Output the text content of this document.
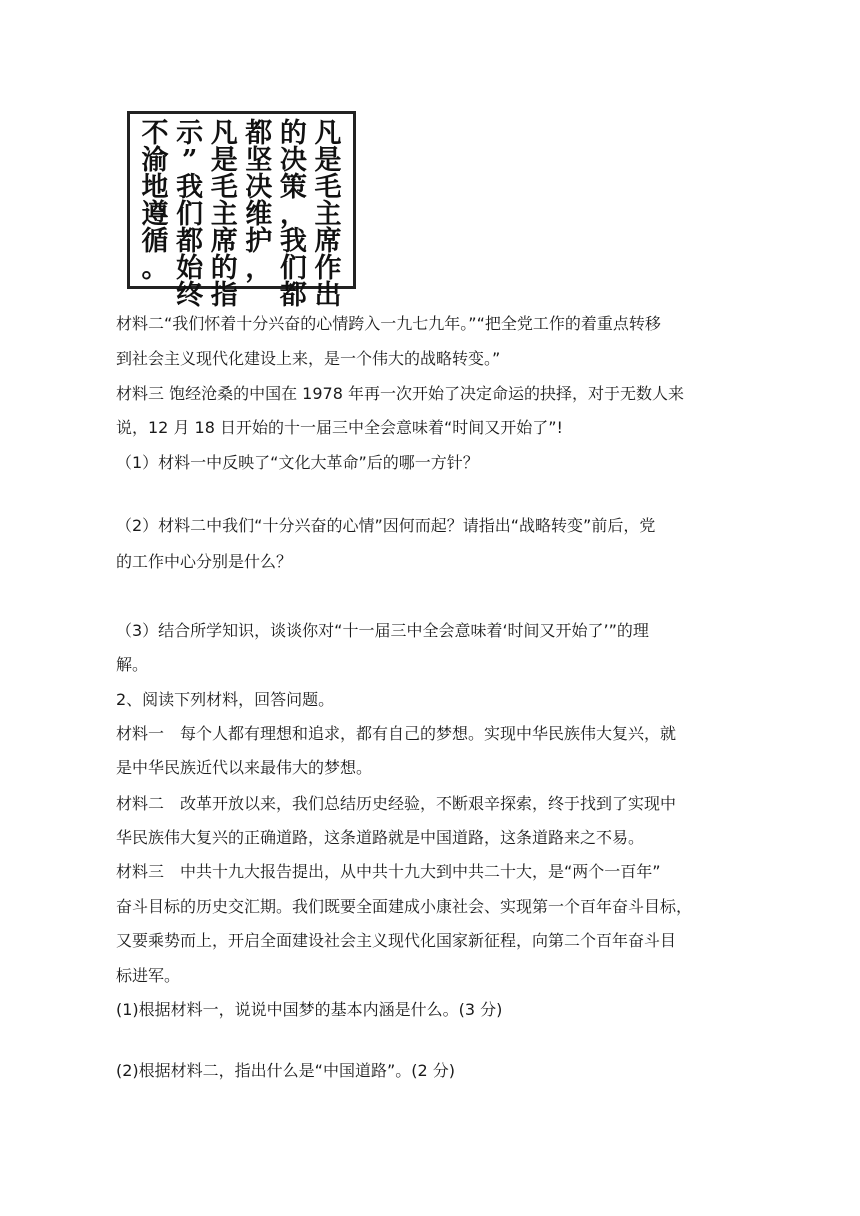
凡
是
毛
主
席
作
出
的
决
策
，
我
们
都
都
坚
决
维
护
，
凡
是
毛
主
席
的
指
示
”
我
们
都
始
终
不
渝
地
遵
循
。
材料二“我们怀着十分兴奋的心情跨入一九七九年。”“把全党工作的着重点转移
到社会主义现代化建设上来，是一个伟大的战略转变。”
材料三 饱经沧桑的中国在 1978 年再一次开始了决定命运的抉择，对于无数人来
说，12 月 18 日开始的十一届三中全会意味着“时间又开始了”!
（1）材料一中反映了“文化大革命”后的哪一方针？
（2）材料二中我们“十分兴奋的心情”因何而起？请指出“战略转变”前后，党
的工作中心分别是什么？
（3）结合所学知识，谈谈你对“十一届三中全会意味着‘时间又开始了’”的理
解。
2、阅读下列材料，回答问题。
材料一　每个人都有理想和追求，都有自己的梦想。实现中华民族伟大复兴，就
是中华民族近代以来最伟大的梦想。
材料二　改革开放以来，我们总结历史经验，不断艰辛探索，终于找到了实现中
华民族伟大复兴的正确道路，这条道路就是中国道路，这条道路来之不易。
材料三　中共十九大报告提出，从中共十九大到中共二十大，是“两个一百年”
奋斗目标的历史交汇期。我们既要全面建成小康社会、实现第一个百年奋斗目标，
又要乘势而上，开启全面建设社会主义现代化国家新征程，向第二个百年奋斗目
标进军。
(1)根据材料一，说说中国梦的基本内涵是什么。(3 分)
(2)根据材料二，指出什么是“中国道路”。(2 分)
